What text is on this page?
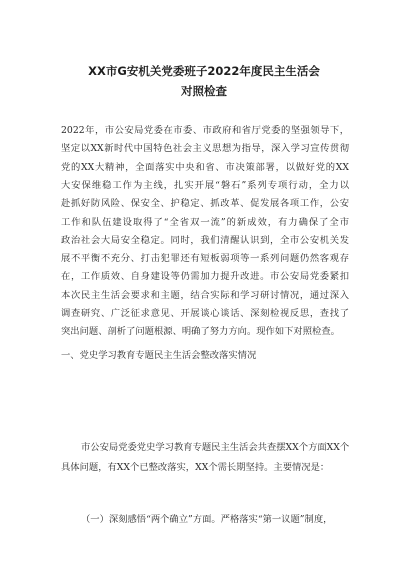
XX市G安机关党委班子2022年度民主生活会
对照检查
2022年，市公安局党委在市委、市政府和省厅党委的坚强领导下，
坚定以XX新时代中国特色社会主义思想为指导，深入学习宣传贯彻
党的XX大精神，全面落实中央和省、市决策部署，以做好党的XX
大安保维稳工作为主线，扎实开展“磐石”系列专项行动，全力以
赴抓好防风险、保安全、护稳定、抓改革、促发展各项工作，公安
工作和队伍建设取得了“全省双一流”的新成效，有力确保了全市
政治社会大局安全稳定。同时，我们清醒认识到，全市公安机关发
展不平衡不充分、打击犯罪还有短板弱项等一系列问题仍然客观存
在，工作质效、自身建设等仍需加力提升改进。市公安局党委紧扣
本次民主生活会要求和主题，结合实际和学习研讨情况，通过深入
调查研究、广泛征求意见、开展谈心谈话、深刻检视反思，查找了
突出问题、剖析了问题根源、明确了努力方向。现作如下对照检查。
一、党史学习教育专题民主生活会整改落实情况
市公安局党委党史学习教育专题民主生活会共查摆XX个方面XX个
具体问题，有XX个已整改落实，XX个需长期坚持。主要情况是：
（一）深刻感悟“两个确立”方面。严格落实“第一议题”制度，
